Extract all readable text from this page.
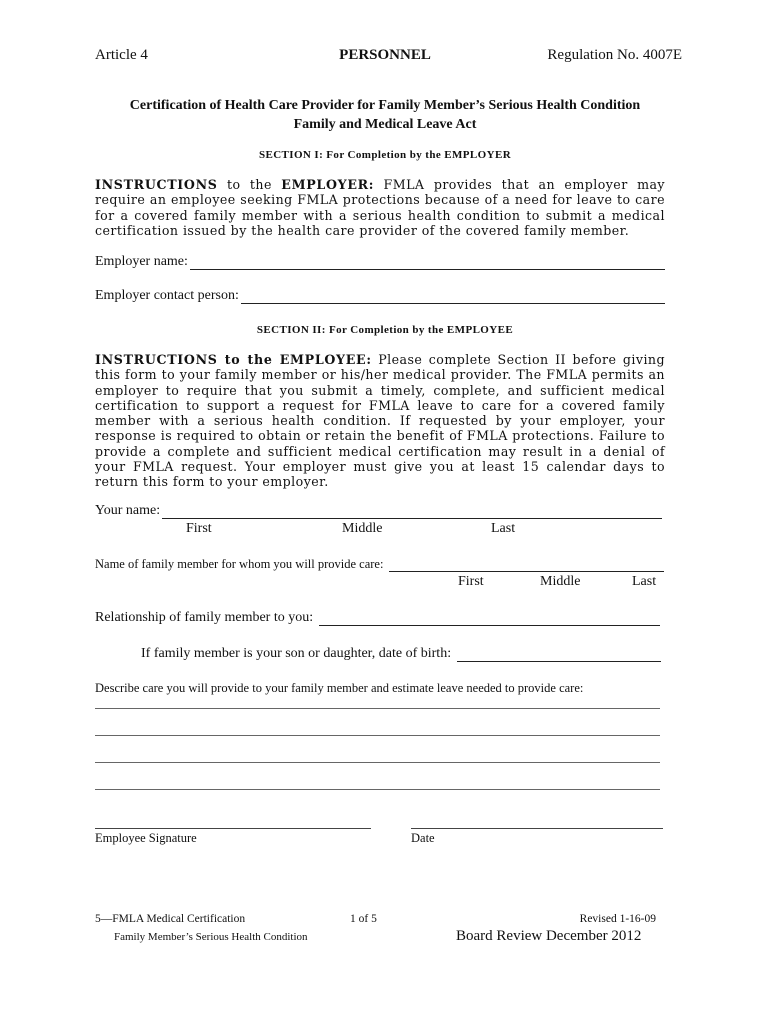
Article 4	PERSONNEL	Regulation No. 4007E
Certification of Health Care Provider for Family Member’s Serious Health Condition
Family and Medical Leave Act
SECTION I: For Completion by the EMPLOYER
INSTRUCTIONS to the EMPLOYER: FMLA provides that an employer may require an employee seeking FMLA protections because of a need for leave to care for a covered family member with a serious health condition to submit a medical certification issued by the health care provider of the covered family member.
Employer name:
Employer contact person:
SECTION II: For Completion by the EMPLOYEE
INSTRUCTIONS to the EMPLOYEE: Please complete Section II before giving this form to your family member or his/her medical provider. The FMLA permits an employer to require that you submit a timely, complete, and sufficient medical certification to support a request for FMLA leave to care for a covered family member with a serious health condition. If requested by your employer, your response is required to obtain or retain the benefit of FMLA protections. Failure to provide a complete and sufficient medical certification may result in a denial of your FMLA request. Your employer must give you at least 15 calendar days to return this form to your employer.
Your name:
First	Middle	Last
Name of family member for whom you will provide care:
First	Middle	Last
Relationship of family member to you:
If family member is your son or daughter, date of birth:
Describe care you will provide to your family member and estimate leave needed to provide care:
Employee Signature	Date
5—FMLA Medical Certification
Family Member’s Serious Health Condition
1 of 5	Revised 1-16-09
Board Review December 2012
